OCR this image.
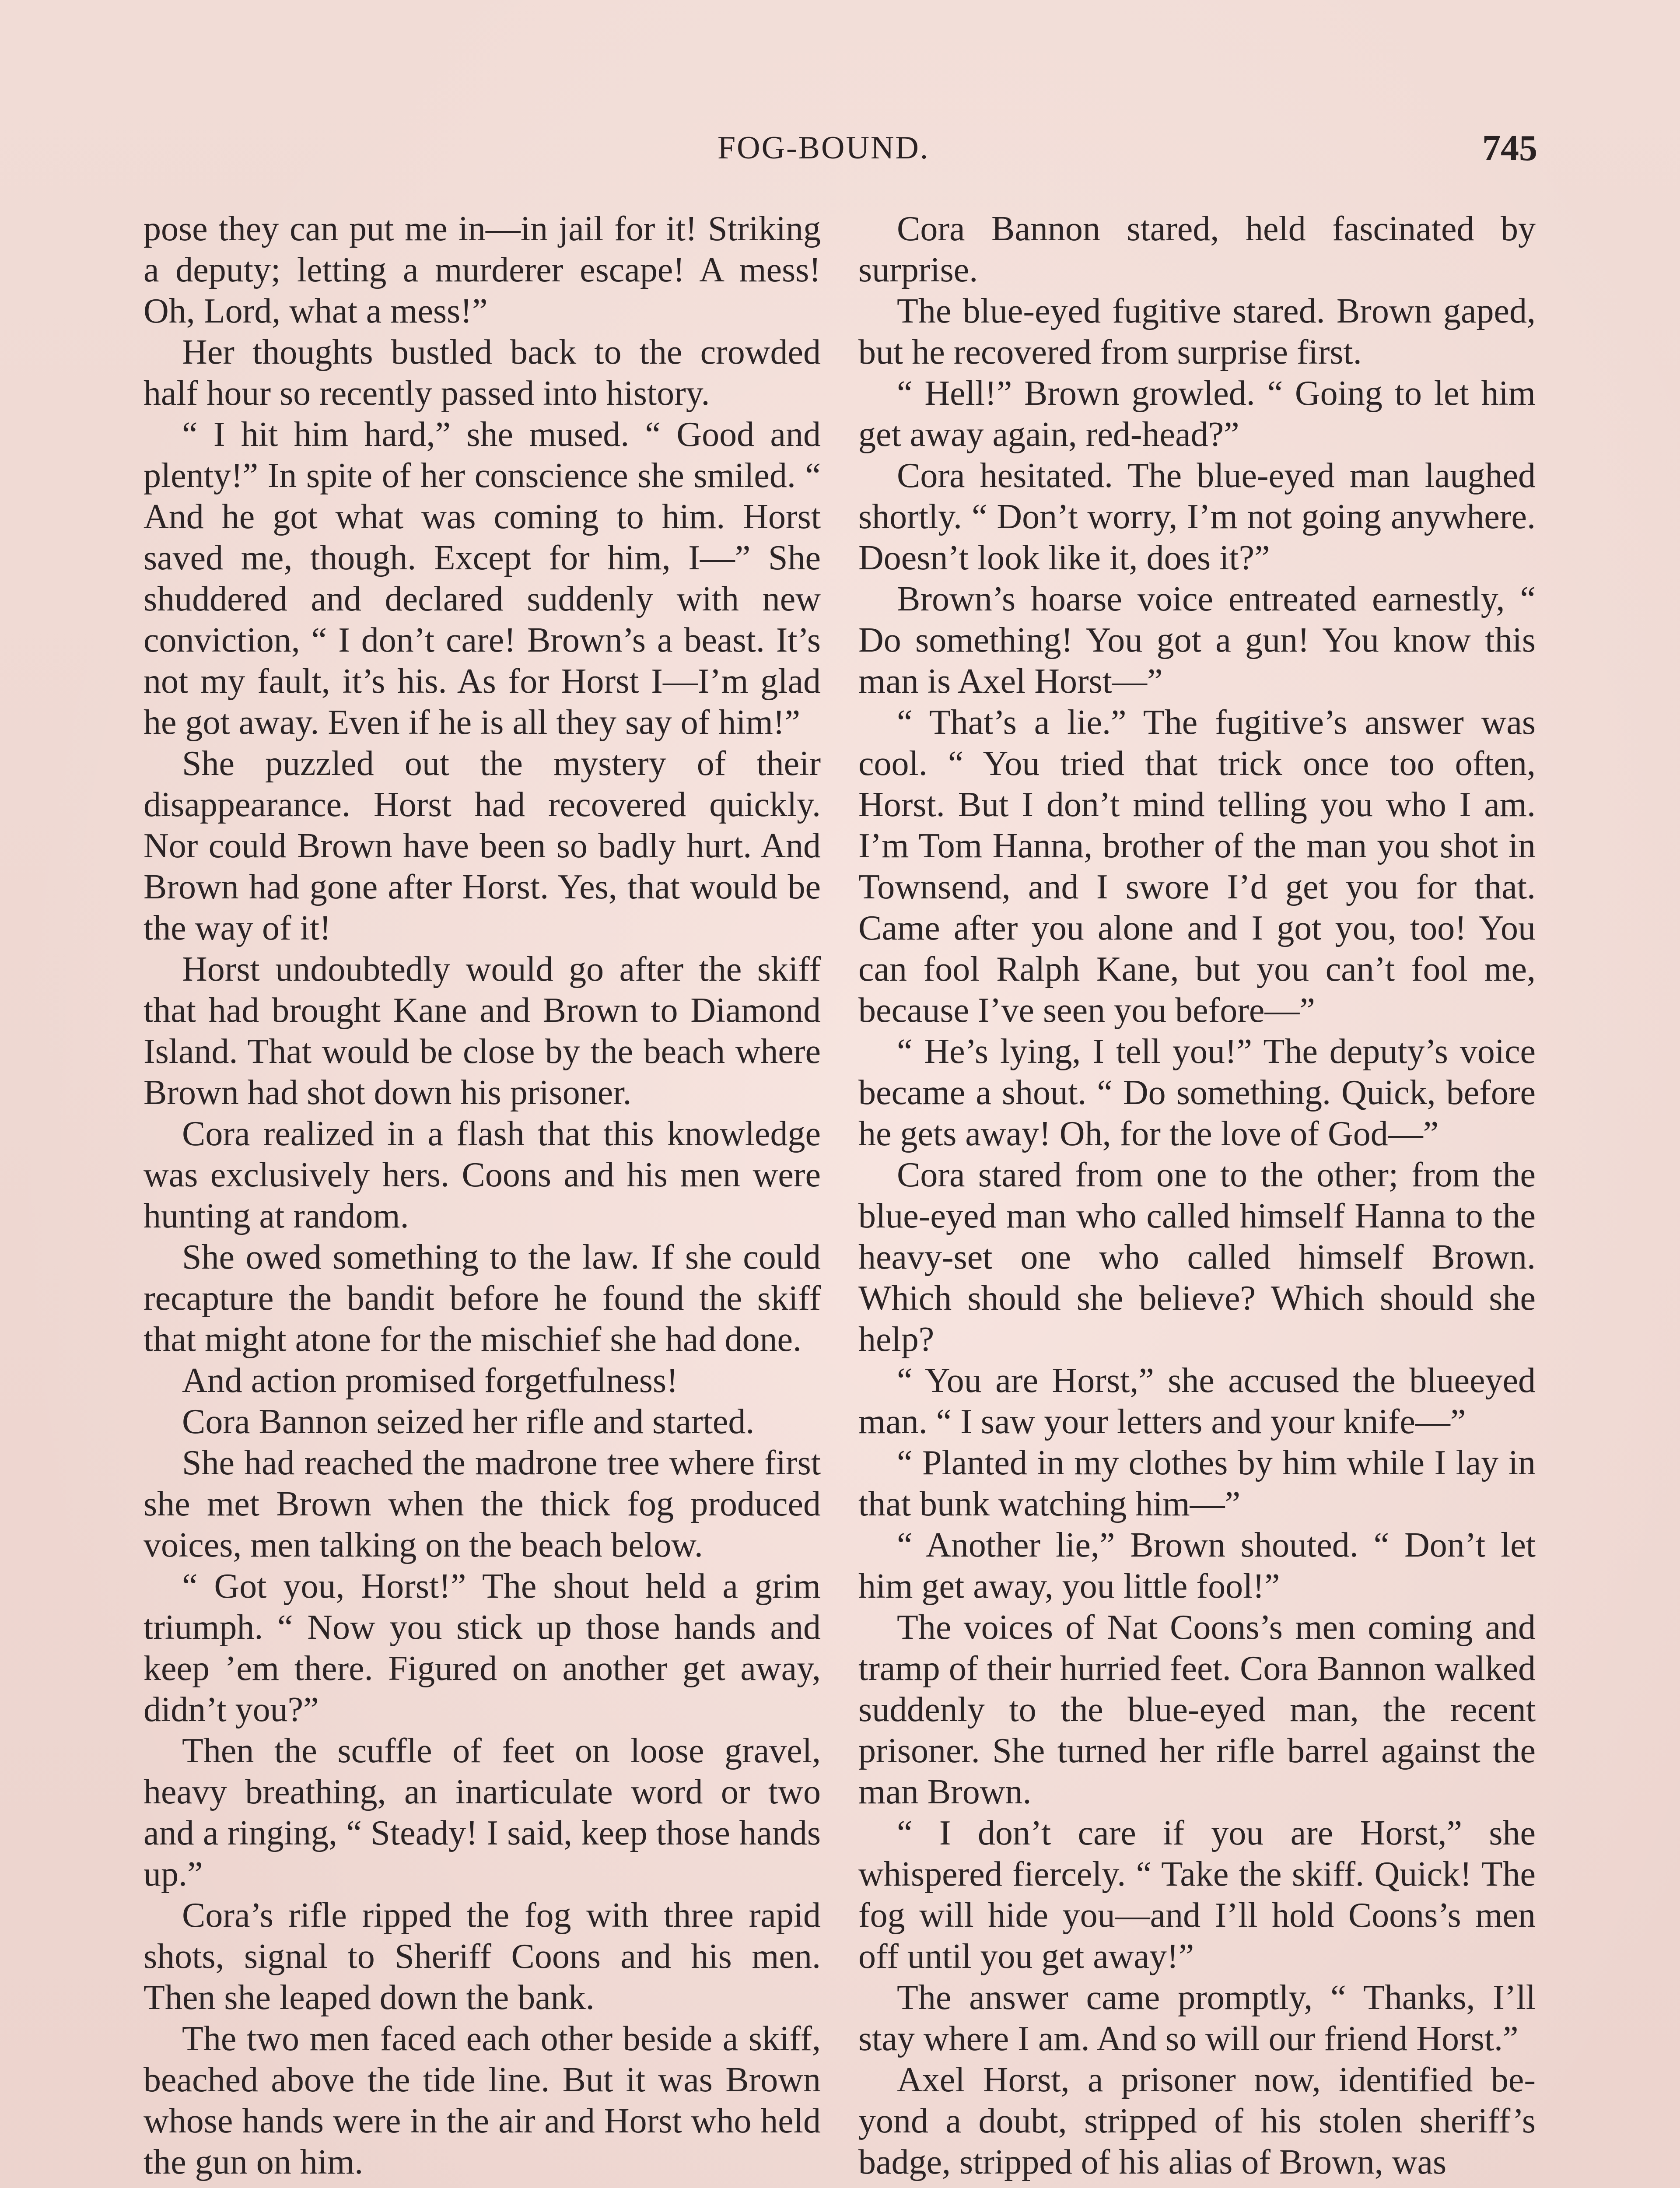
FOG-BOUND.	745

pose they can put me in—in jail for it! Striking a deputy; letting a murderer escape! A mess! Oh, Lord, what a mess!”

Her thoughts bustled back to the crowded half hour so recently passed into history.

“ I hit him hard,” she mused. “ Good and plenty!” In spite of her conscience she smiled. “ And he got what was coming to him. Horst saved me, though. Except for him, I—” She shuddered and declared suddenly with new conviction, “ I don’t care! Brown’s a beast. It’s not my fault, it’s his. As for Horst I—I’m glad he got away. Even if he is all they say of him!”

She puzzled out the mystery of their disappearance. Horst had recovered quickly. Nor could Brown have been so badly hurt. And Brown had gone after Horst. Yes, that would be the way of it!

Horst undoubtedly would go after the skiff that had brought Kane and Brown to Diamond Island. That would be close by the beach where Brown had shot down his prisoner.

Cora realized in a flash that this knowledge was exclusively hers. Coons and his men were hunting at random.

She owed something to the law. If she could recapture the bandit before he found the skiff that might atone for the mischief she had done.

And action promised forgetfulness!

Cora Bannon seized her rifle and started.

She had reached the madrone tree where first she met Brown when the thick fog produced voices, men talking on the beach below.

“ Got you, Horst!” The shout held a grim triumph. “ Now you stick up those hands and keep ’em there. Figured on another get away, didn’t you?”

Then the scuffle of feet on loose gravel, heavy breathing, an inarticulate word or two and a ringing, “ Steady! I said, keep those hands up.”

Cora’s rifle ripped the fog with three rapid shots, signal to Sheriff Coons and his men. Then she leaped down the bank.

The two men faced each other beside a skiff, beached above the tide line. But it was Brown whose hands were in the air and Horst who held the gun on him.

Cora Bannon stared, held fascinated by surprise.

The blue-eyed fugitive stared. Brown gaped, but he recovered from surprise first.

“ Hell!” Brown growled. “ Going to let him get away again, red-head?”

Cora hesitated. The blue-eyed man laughed shortly. “ Don’t worry, I’m not going anywhere. Doesn’t look like it, does it?”

Brown’s hoarse voice entreated earnestly, “ Do something! You got a gun! You know this man is Axel Horst—”

“ That’s a lie.” The fugitive’s answer was cool. “ You tried that trick once too often, Horst. But I don’t mind telling you who I am. I’m Tom Hanna, brother of the man you shot in Townsend, and I swore I’d get you for that. Came after you alone and I got you, too! You can fool Ralph Kane, but you can’t fool me, because I’ve seen you before—”

“ He’s lying, I tell you!” The deputy’s voice became a shout. “ Do something. Quick, before he gets away! Oh, for the love of God—”

Cora stared from one to the other; from the blue-eyed man who called himself Hanna to the heavy-set one who called himself Brown. Which should she believe? Which should she help?

“ You are Horst,” she accused the blueeyed man. “ I saw your letters and your knife—”

“ Planted in my clothes by him while I lay in that bunk watching him—”

“ Another lie,” Brown shouted. “ Don’t let him get away, you little fool!”

The voices of Nat Coons’s men coming and tramp of their hurried feet. Cora Bannon walked suddenly to the blue-eyed man, the recent prisoner. She turned her rifle barrel against the man Brown.

“ I don’t care if you are Horst,” she whispered fiercely. “ Take the skiff. Quick! The fog will hide you—and I’ll hold Coons’s men off until you get away!”

The answer came promptly, “ Thanks, I’ll stay where I am. And so will our friend Horst.”

Axel Horst, a prisoner now, identified beyond a doubt, stripped of his stolen sheriff’s badge, stripped of his alias of Brown, was
